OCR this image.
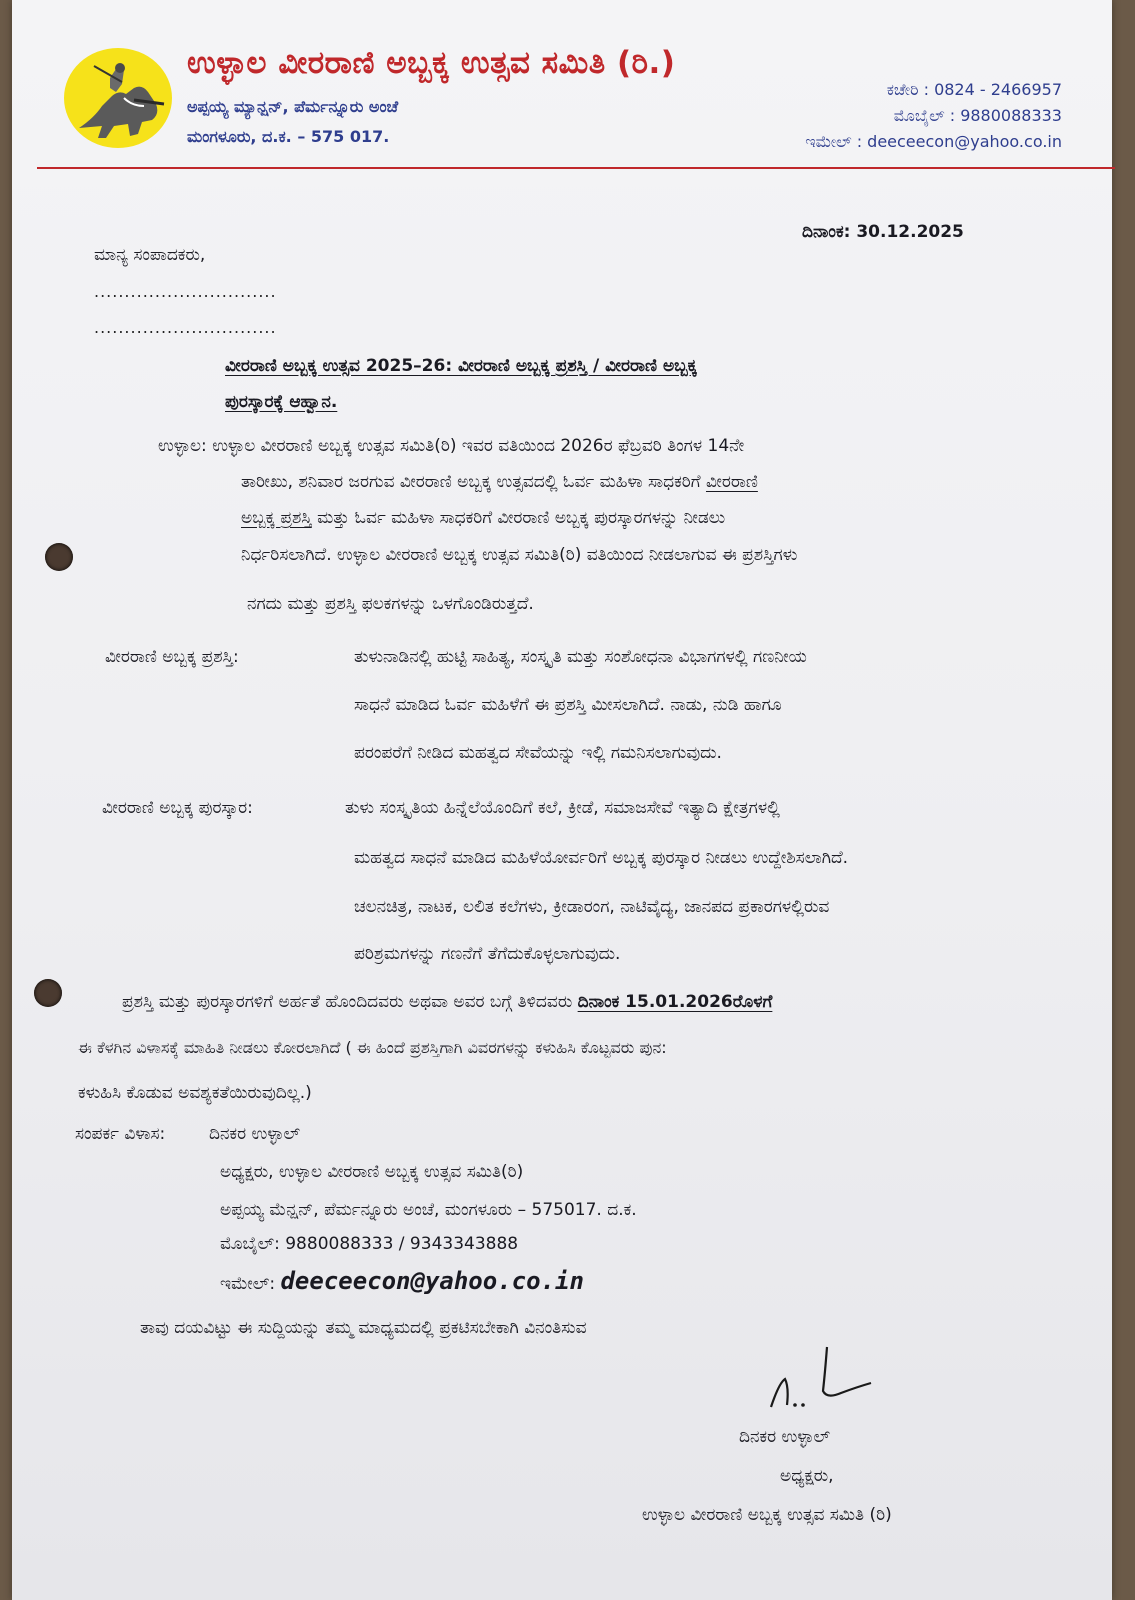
ಉಳ್ಳಾಲ ವೀರರಾಣಿ ಅಬ್ಬಕ್ಕ ಉತ್ಸವ ಸಮಿತಿ (ರಿ.)
ಅಪ್ಪಯ್ಯ ಮ್ಯಾನ್ಷನ್, ಪೆರ್ಮನ್ನೂರು ಅಂಚೆ
ಮಂಗಳೂರು, ದ.ಕ. – 575 017.
ಕಚೇರಿ : 0824 - 2466957
ಮೊಬೈಲ್ : 9880088333
ಇಮೇಲ್ : deeceecon@yahoo.co.in
ದಿನಾಂಕ: 30.12.2025
ಮಾನ್ಯ ಸಂಪಾದಕರು,
..............................
..............................
ವೀರರಾಣಿ ಅಬ್ಬಕ್ಕ ಉತ್ಸವ 2025–26: ವೀರರಾಣಿ ಅಬ್ಬಕ್ಕ ಪ್ರಶಸ್ತಿ / ವೀರರಾಣಿ ಅಬ್ಬಕ್ಕ
ಪುರಸ್ಕಾರಕ್ಕೆ ಆಹ್ವಾನ.
ಉಳ್ಳಾಲ: ಉಳ್ಳಾಲ ವೀರರಾಣಿ ಅಬ್ಬಕ್ಕ ಉತ್ಸವ ಸಮಿತಿ(ರಿ) ಇವರ ವತಿಯಿಂದ 2026ರ ಫೆಬ್ರವರಿ ತಿಂಗಳ 14ನೇ
ತಾರೀಖು, ಶನಿವಾರ ಜರಗುವ ವೀರರಾಣಿ ಅಬ್ಬಕ್ಕ ಉತ್ಸವದಲ್ಲಿ ಓರ್ವ ಮಹಿಳಾ ಸಾಧಕರಿಗೆ ವೀರರಾಣಿ
ಅಬ್ಬಕ್ಕ ಪ್ರಶಸ್ತಿ ಮತ್ತು ಓರ್ವ ಮಹಿಳಾ ಸಾಧಕರಿಗೆ ವೀರರಾಣಿ ಅಬ್ಬಕ್ಕ ಪುರಸ್ಕಾರಗಳನ್ನು ನೀಡಲು
ನಿರ್ಧರಿಸಲಾಗಿದೆ. ಉಳ್ಳಾಲ ವೀರರಾಣಿ ಅಬ್ಬಕ್ಕ ಉತ್ಸವ ಸಮಿತಿ(ರಿ) ವತಿಯಿಂದ ನೀಡಲಾಗುವ ಈ ಪ್ರಶಸ್ತಿಗಳು
ನಗದು ಮತ್ತು ಪ್ರಶಸ್ತಿ ಫಲಕಗಳನ್ನು ಒಳಗೊಂಡಿರುತ್ತದೆ.
ವೀರರಾಣಿ ಅಬ್ಬಕ್ಕ ಪ್ರಶಸ್ತಿ:	ತುಳುನಾಡಿನಲ್ಲಿ ಹುಟ್ಟಿ ಸಾಹಿತ್ಯ, ಸಂಸ್ಕೃತಿ ಮತ್ತು ಸಂಶೋಧನಾ ವಿಭಾಗಗಳಲ್ಲಿ ಗಣನೀಯ
ಸಾಧನೆ ಮಾಡಿದ ಓರ್ವ ಮಹಿಳೆಗೆ ಈ ಪ್ರಶಸ್ತಿ ಮೀಸಲಾಗಿದೆ. ನಾಡು, ನುಡಿ ಹಾಗೂ
ಪರಂಪರೆಗೆ ನೀಡಿದ ಮಹತ್ವದ ಸೇವೆಯನ್ನು ಇಲ್ಲಿ ಗಮನಿಸಲಾಗುವುದು.
ವೀರರಾಣಿ ಅಬ್ಬಕ್ಕ ಪುರಸ್ಕಾರ:	ತುಳು ಸಂಸ್ಕೃತಿಯ ಹಿನ್ನೆಲೆಯೊಂದಿಗೆ ಕಲೆ, ಕ್ರೀಡೆ, ಸಮಾಜಸೇವೆ ಇತ್ಯಾದಿ ಕ್ಷೇತ್ರಗಳಲ್ಲಿ
ಮಹತ್ವದ ಸಾಧನೆ ಮಾಡಿದ ಮಹಿಳೆಯೋರ್ವರಿಗೆ ಅಬ್ಬಕ್ಕ ಪುರಸ್ಕಾರ ನೀಡಲು ಉದ್ದೇಶಿಸಲಾಗಿದೆ.
ಚಲನಚಿತ್ರ, ನಾಟಕ, ಲಲಿತ ಕಲೆಗಳು, ಕ್ರೀಡಾರಂಗ, ನಾಟಿವೈದ್ಯ, ಜಾನಪದ ಪ್ರಕಾರಗಳಲ್ಲಿರುವ
ಪರಿಶ್ರಮಗಳನ್ನು ಗಣನೆಗೆ ತೆಗೆದುಕೊಳ್ಳಲಾಗುವುದು.
ಪ್ರಶಸ್ತಿ ಮತ್ತು ಪುರಸ್ಕಾರಗಳಿಗೆ ಅರ್ಹತೆ ಹೊಂದಿದವರು ಅಥವಾ ಅವರ ಬಗ್ಗೆ ತಿಳಿದವರು ದಿನಾಂಕ 15.01.2026ರೊಳಗೆ
ಈ ಕೆಳಗಿನ ವಿಳಾಸಕ್ಕೆ ಮಾಹಿತಿ ನೀಡಲು ಕೋರಲಾಗಿದೆ ( ಈ ಹಿಂದೆ ಪ್ರಶಸ್ತಿಗಾಗಿ ವಿವರಗಳನ್ನು ಕಳುಹಿಸಿ ಕೊಟ್ಟವರು ಪುನ:
ಕಳುಹಿಸಿ ಕೊಡುವ ಅವಶ್ಯಕತೆಯಿರುವುದಿಲ್ಲ.)
ಸಂಪರ್ಕ ವಿಳಾಸ:	ದಿನಕರ ಉಳ್ಳಾಲ್
ಅಧ್ಯಕ್ಷರು, ಉಳ್ಳಾಲ ವೀರರಾಣಿ ಅಬ್ಬಕ್ಕ ಉತ್ಸವ ಸಮಿತಿ(ರಿ)
ಅಪ್ಪಯ್ಯ ಮೆನ್ಷನ್, ಪೆರ್ಮನ್ನೂರು ಅಂಚೆ, ಮಂಗಳೂರು – 575017. ದ.ಕ.
ಮೊಬೈಲ್: 9880088333 / 9343343888
ಇಮೇಲ್: deeceecon@yahoo.co.in
ತಾವು ದಯವಿಟ್ಟು ಈ ಸುದ್ದಿಯನ್ನು ತಮ್ಮ ಮಾಧ್ಯಮದಲ್ಲಿ ಪ್ರಕಟಿಸಬೇಕಾಗಿ ವಿನಂತಿಸುವ
ದಿನಕರ ಉಳ್ಳಾಲ್
ಅಧ್ಯಕ್ಷರು,
ಉಳ್ಳಾಲ ವೀರರಾಣಿ ಅಬ್ಬಕ್ಕ ಉತ್ಸವ ಸಮಿತಿ (ರಿ)
